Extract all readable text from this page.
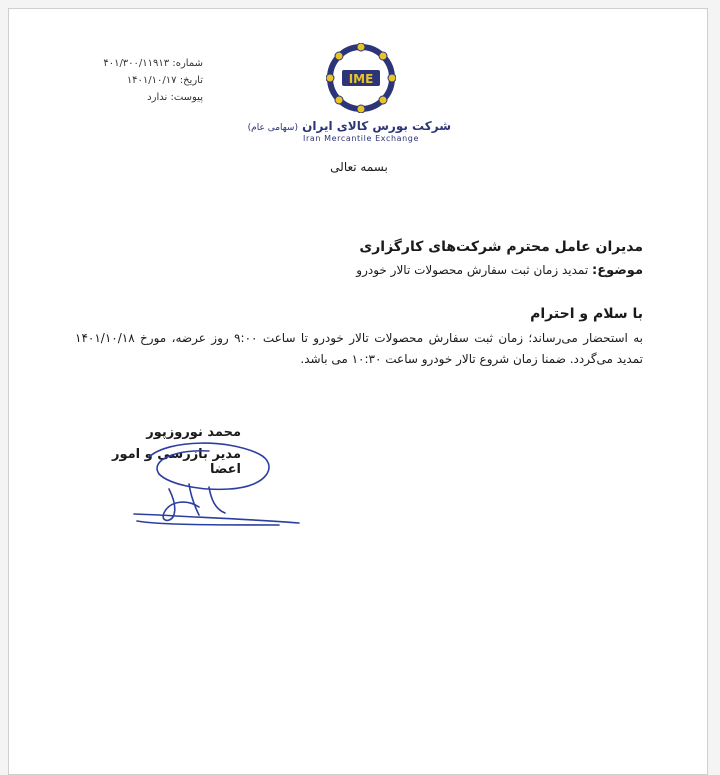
شماره: ۴۰۱/۳۰۰/۱۱۹۱۳
تاریخ: ۱۴۰۱/۱۰/۱۷
پیوست: ندارد
IME
شرکت بورس کالای ایران (سهامی عام)
Iran Mercantile Exchange
بسمه تعالی
مدیران عامل محترم شرکت‌های کارگزاری
موضوع: تمدید زمان ثبت سفارش محصولات تالار خودرو
با سلام و احترام
به استحضار می‌رساند؛ زمان ثبت سفارش محصولات تالار خودرو تا ساعت ۹:۰۰ روز عرضه، مورخ ۱۴۰۱/۱۰/۱۸ تمدید می‌گردد. ضمنا زمان شروع تالار خودرو ساعت ۱۰:۳۰ می باشد.
محمد نوروزپور
مدیر بازرسی و امور اعضا
